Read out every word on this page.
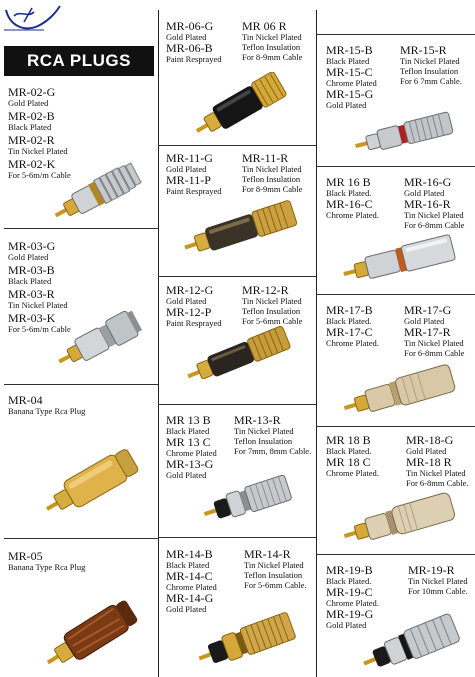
RCA PLUGS
MR-02-G
Gold Plated
MR-02-B
Black Plated
MR-02-R
Tin Nickel Plated
MR-02-K
For 5-6m/m Cable
MR-03-G
Gold Plated
MR-03-B
Black Plated
MR-03-R
Tin Nickel Plated
MR-03-K
For 5-6m/m Cable
MR-04
Banana Type Rca Plug
MR-05
Banana Type Rca Plug
MR-06-G
Gold Plated
MR-06-B
Paint Resprayed
MR 06 R
Tin Nickel Plated
Teflon Insulation
For 8-9mm Cable
MR-11-G
Gold Plated
MR-11-P
Paint Resprayed
MR-11-R
Tin Nickel Plated
Teflon Insulation
For 8-9mm Cable
MR-12-G
Gold Plated
MR-12-P
Paint Resprayed
MR-12-R
Tin Nickel Plated
Teflon Insulation
For 5-6mm Cable
MR 13 B
Black Plated
MR 13 C
Chrome Plated
MR-13-G
Gold Plated
MR-13-R
Tin Nickel Plated
Teflon Insulation
For 7mm, 8mm Cable.
MR-14-B
Black Plated
MR-14-C
Chrome Plated
MR-14-G
Gold Plated
MR-14-R
Tin Nickel Plated
Teflon Insulation
For 5-6mm Cable.
MR-15-B
Black Plated
MR-15-C
Chrome Plated
MR-15-G
Gold Plated
MR-15-R
Tin Nickel Plated
Teflon Insulation
For 6 7mm Cable.
MR 16 B
Black Plated.
MR-16-C
Chrome Plated.
MR-16-G
Gold Plated
MR-16-R
Tin Nickel Plated
For 6-8mm Cable
MR-17-B
Black Plated.
MR-17-C
Chrome Plated.
MR-17-G
Gold Plated
MR-17-R
Tin Nickel Plated
For 6-8mm Cable
MR 18 B
Black Plated.
MR 18 C
Chrome Plated.
MR-18-G
Gold Plated
MR-18 R
Tin Nickel Plated
For 6-8mm Cable.
MR-19-B
Black Plated.
MR-19-C
Chrome Plated.
MR-19-G
Gold Plated
MR-19-R
Tin Nickel Plated
For 10mm Cable.
